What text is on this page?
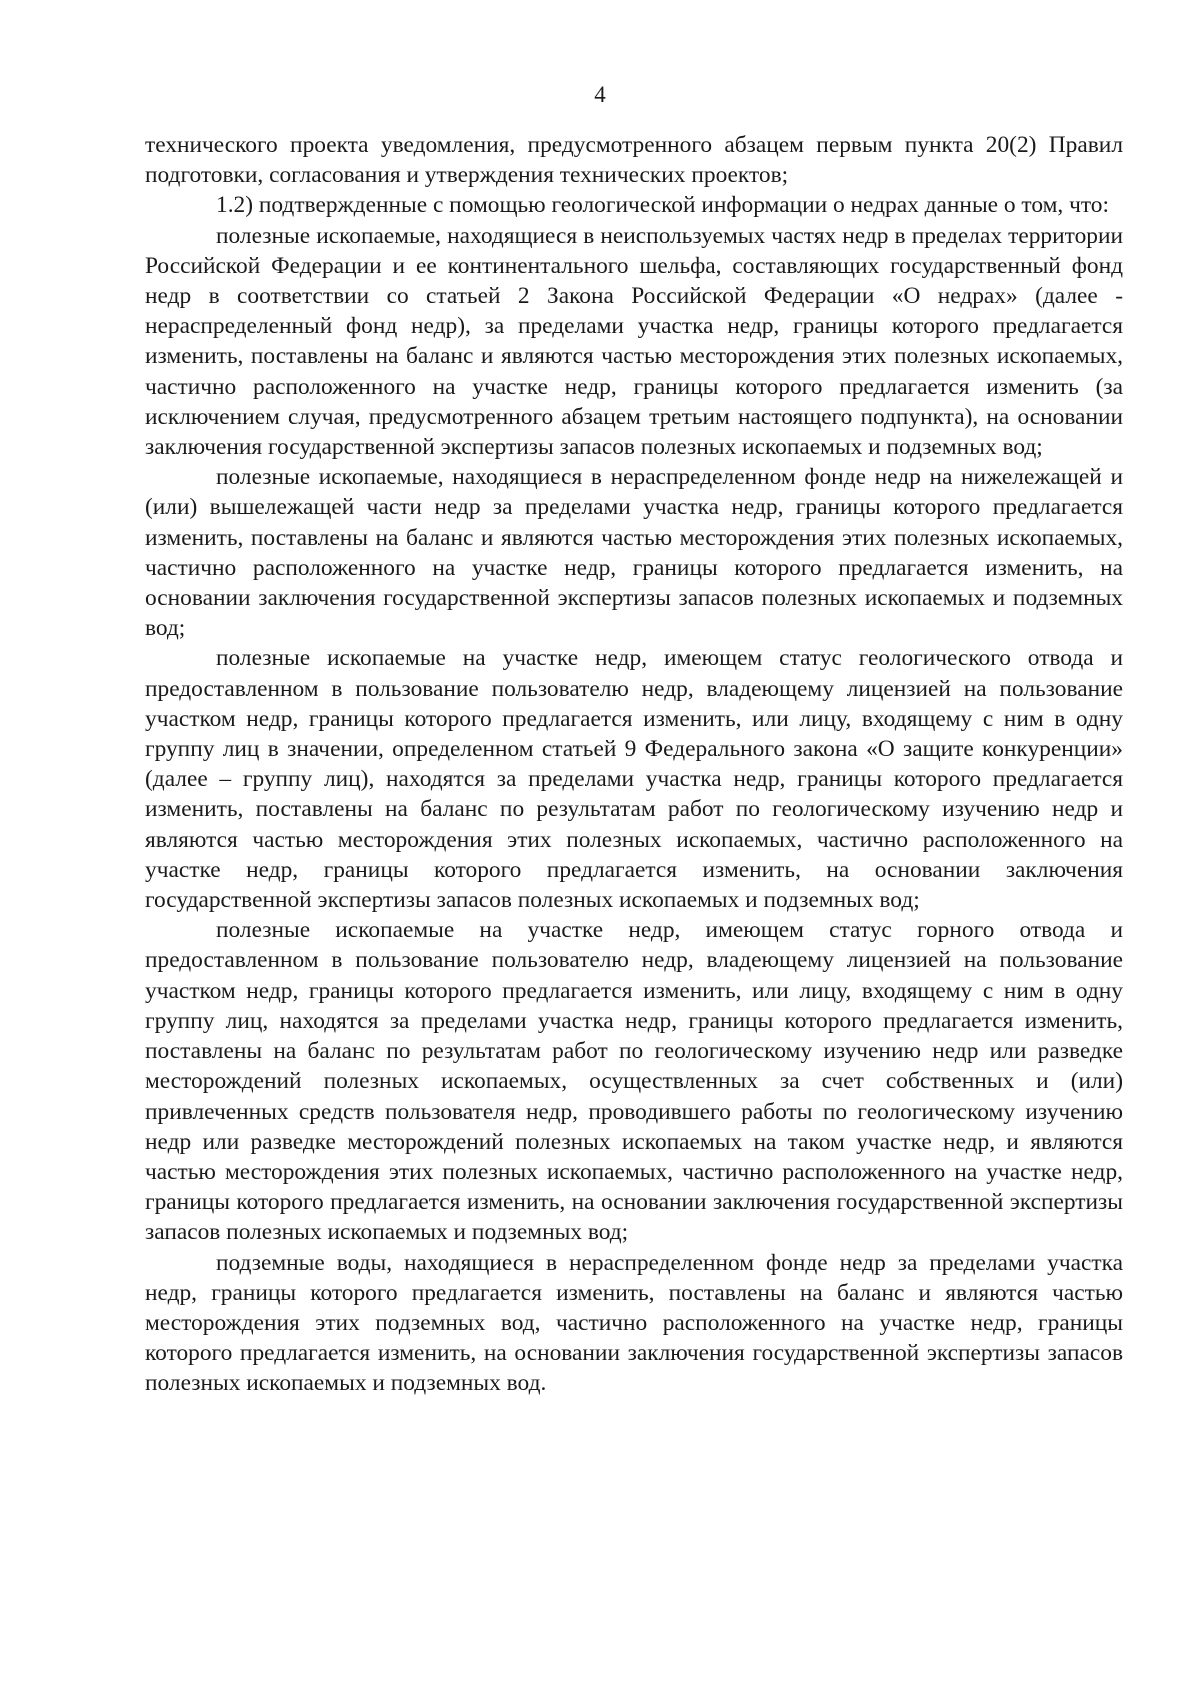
4

технического проекта уведомления, предусмотренного абзацем первым пункта 20(2) Правил подготовки, согласования и утверждения технических проектов;

1.2) подтвержденные с помощью геологической информации о недрах данные о том, что:

полезные ископаемые, находящиеся в неиспользуемых частях недр в пределах территории Российской Федерации и ее континентального шельфа, составляющих государственный фонд недр в соответствии со статьей 2 Закона Российской Федерации «О недрах» (далее - нераспределенный фонд недр), за пределами участка недр, границы которого предлагается изменить, поставлены на баланс и являются частью месторождения этих полезных ископаемых, частично расположенного на участке недр, границы которого предлагается изменить (за исключением случая, предусмотренного абзацем третьим настоящего подпункта), на основании заключения государственной экспертизы запасов полезных ископаемых и подземных вод;

полезные ископаемые, находящиеся в нераспределенном фонде недр на нижележащей и (или) вышележащей части недр за пределами участка недр, границы которого предлагается изменить, поставлены на баланс и являются частью месторождения этих полезных ископаемых, частично расположенного на участке недр, границы которого предлагается изменить, на основании заключения государственной экспертизы запасов полезных ископаемых и подземных вод;

полезные ископаемые на участке недр, имеющем статус геологического отвода и предоставленном в пользование пользователю недр, владеющему лицензией на пользование участком недр, границы которого предлагается изменить, или лицу, входящему с ним в одну группу лиц в значении, определенном статьей 9 Федерального закона «О защите конкуренции» (далее – группу лиц), находятся за пределами участка недр, границы которого предлагается изменить, поставлены на баланс по результатам работ по геологическому изучению недр и являются частью месторождения этих полезных ископаемых, частично расположенного на участке недр, границы которого предлагается изменить, на основании заключения государственной экспертизы запасов полезных ископаемых и подземных вод;

полезные ископаемые на участке недр, имеющем статус горного отвода и предоставленном в пользование пользователю недр, владеющему лицензией на пользование участком недр, границы которого предлагается изменить, или лицу, входящему с ним в одну группу лиц, находятся за пределами участка недр, границы которого предлагается изменить, поставлены на баланс по результатам работ по геологическому изучению недр или разведке месторождений полезных ископаемых, осуществленных за счет собственных и (или) привлеченных средств пользователя недр, проводившего работы по геологическому изучению недр или разведке месторождений полезных ископаемых на таком участке недр, и являются частью месторождения этих полезных ископаемых, частично расположенного на участке недр, границы которого предлагается изменить, на основании заключения государственной экспертизы запасов полезных ископаемых и подземных вод;

подземные воды, находящиеся в нераспределенном фонде недр за пределами участка недр, границы которого предлагается изменить, поставлены на баланс и являются частью месторождения этих подземных вод, частично расположенного на участке недр, границы которого предлагается изменить, на основании заключения государственной экспертизы запасов полезных ископаемых и подземных вод.
